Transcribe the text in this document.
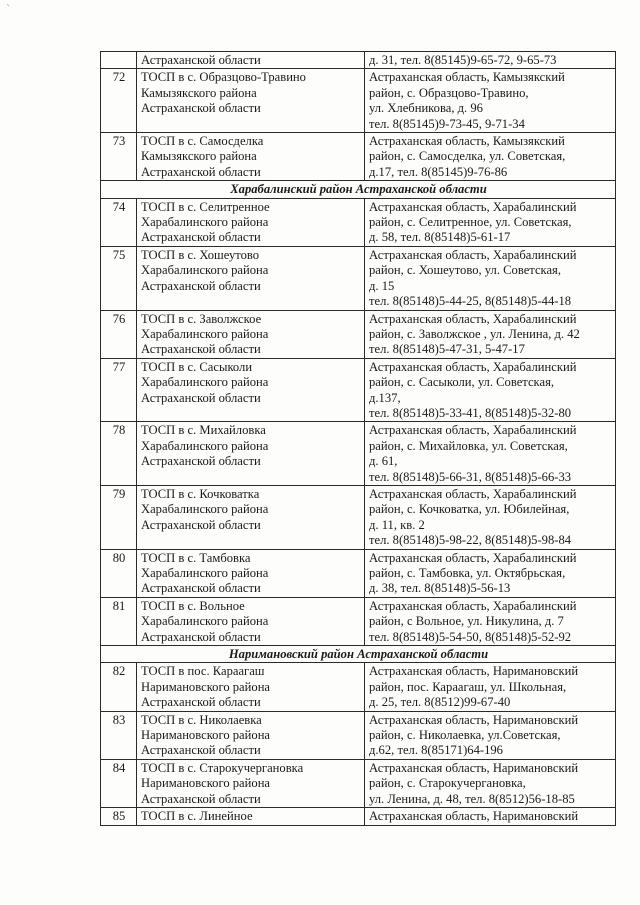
`
	Астраханской области	д. 31, тел. 8(85145)9-65-72, 9-65-73
72	ТОСП в с. Образцово-Травино
Камызякского района
Астраханской области	Астраханская область, Камызякский
район, с. Образцово-Травино,
ул. Хлебникова, д. 96
тел. 8(85145)9-73-45, 9-71-34
73	ТОСП в с. Самосделка
Камызякского района
Астраханской области	Астраханская область, Камызякский
район, с. Самосделка, ул. Советская,
д.17, тел. 8(85145)9-76-86
Харабалинский район Астраханской области		
74	ТОСП в с. Селитренное
Харабалинского района
Астраханской области	Астраханская область, Харабалинский
район, с. Селитренное, ул. Советская,
д. 58, тел. 8(85148)5-61-17
75	ТОСП в с. Хошеутово
Харабалинского района
Астраханской области	Астраханская область, Харабалинский
район, с. Хошеутово, ул. Советская,
д. 15
тел. 8(85148)5-44-25, 8(85148)5-44-18
76	ТОСП в с. Заволжское
Харабалинского района
Астраханской области	Астраханская область, Харабалинский
район, с. Заволжское , ул. Ленина, д. 42
тел. 8(85148)5-47-31, 5-47-17
77	ТОСП в с. Сасыколи
Харабалинского района
Астраханской области	Астраханская область, Харабалинский
район, с. Сасыколи, ул. Советская,
д.137,
тел. 8(85148)5-33-41, 8(85148)5-32-80
78	ТОСП в с. Михайловка
Харабалинского района
Астраханской области	Астраханская область, Харабалинский
район, с. Михайловка, ул. Советская,
д. 61,
тел. 8(85148)5-66-31, 8(85148)5-66-33
79	ТОСП в с. Кочковатка
Харабалинского района
Астраханской области	Астраханская область, Харабалинский
район, с. Кочковатка, ул. Юбилейная,
д. 11, кв. 2
тел. 8(85148)5-98-22, 8(85148)5-98-84
80	ТОСП в с. Тамбовка
Харабалинского района
Астраханской области	Астраханская область, Харабалинский
район, с. Тамбовка, ул. Октябрьская,
д. 38, тел. 8(85148)5-56-13
81	ТОСП в с. Вольное
Харабалинского района
Астраханской области	Астраханская область, Харабалинский
район, с Вольное, ул. Никулина, д. 7
тел. 8(85148)5-54-50, 8(85148)5-52-92
Наримановский район Астраханской области		
82	ТОСП в пос. Караагаш
Наримановского района
Астраханской области	Астраханская область, Наримановский
район, пос. Караагаш, ул. Школьная,
д. 25, тел. 8(8512)99-67-40
83	ТОСП в с. Николаевка
Наримановского района
Астраханской области	Астраханская область, Наримановский
район, с. Николаевка, ул.Советская,
д.62, тел. 8(85171)64-196
84	ТОСП в с. Старокучергановка
Наримановского района
Астраханской области	Астраханская область, Наримановский
район, с. Старокучергановка,
ул. Ленина, д. 48, тел. 8(8512)56-18-85
85	ТОСП в с. Линейное	Астраханская область, Наримановский
